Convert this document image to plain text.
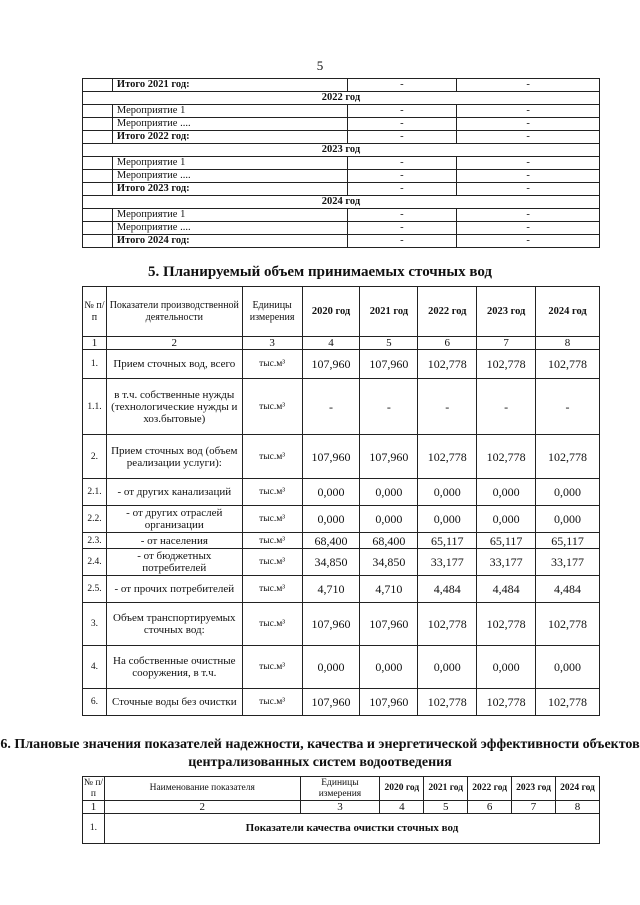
5
	Итого 2021 год:	-	-
2022 год			
	Мероприятие 1	-	-
	Мероприятие ....	-	-
	Итого 2022 год:	-	-
2023 год			
	Мероприятие 1	-	-
	Мероприятие ....	-	-
	Итого 2023 год:	-	-
2024 год			
	Мероприятие 1	-	-
	Мероприятие ....	-	-
	Итого 2024 год:	-	-
5. Планируемый объем принимаемых сточных вод
№ п/п	Показатели производственной деятельности	Единицы измерения	2020 год	2021 год	2022 год	2023 год	2024 год
1	2	3	4	5	6	7	8
1.	Прием сточных вод, всего	тыс.м³	107,960	107,960	102,778	102,778	102,778
1.1.	в т.ч. собственные нужды (технологические нужды и хоз.бытовые)	тыс.м³	-	-	-	-	-
2.	Прием сточных вод (объем реализации услуги):	тыс.м³	107,960	107,960	102,778	102,778	102,778
2.1.	- от других канализаций	тыс.м³	0,000	0,000	0,000	0,000	0,000
2.2.	- от других отраслей организации	тыс.м³	0,000	0,000	0,000	0,000	0,000
2.3.	- от населения	тыс.м³	68,400	68,400	65,117	65,117	65,117
2.4.	- от бюджетных потребителей	тыс.м³	34,850	34,850	33,177	33,177	33,177
2.5.	- от прочих потребителей	тыс.м³	4,710	4,710	4,484	4,484	4,484
3.	Объем транспортируемых сточных вод:	тыс.м³	107,960	107,960	102,778	102,778	102,778
4.	На собственные очистные сооружения, в т.ч.	тыс.м³	0,000	0,000	0,000	0,000	0,000
6.	Сточные воды без очистки	тыс.м³	107,960	107,960	102,778	102,778	102,778
6. Плановые значения показателей надежности, качества и энергетической эффективности объектов централизованных систем водоотведения
№ п/п	Наименование показателя	Единицы измерения	2020 год	2021 год	2022 год	2023 год	2024 год
1	2	3	4	5	6	7	8
1.	Показатели качества очистки сточных вод						
